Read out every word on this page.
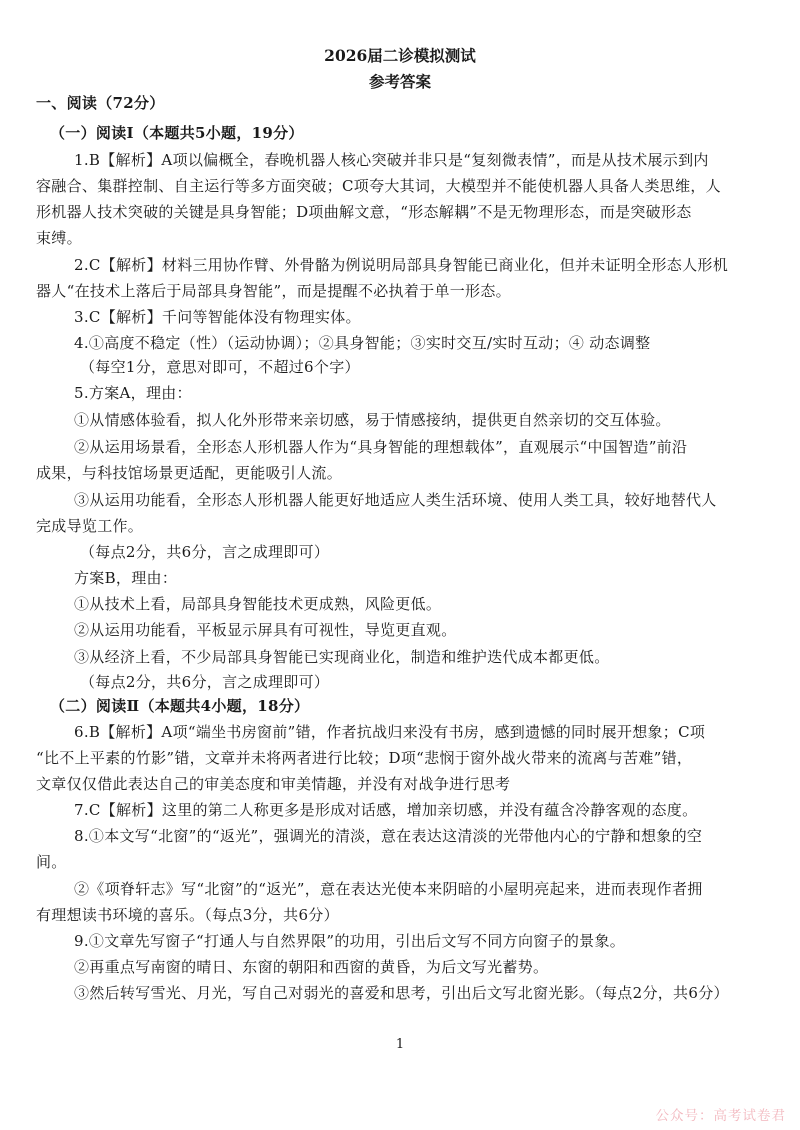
2026届二诊模拟测试
参考答案
一、阅读（72分）
（一）阅读Ⅰ（本题共5小题，19分）
1.B【解析】A项以偏概全，春晚机器人核心突破并非只是“复刻微表情”，而是从技术展示到内
容融合、集群控制、自主运行等多方面突破；C项夸大其词，大模型并不能使机器人具备人类思维，人
形机器人技术突破的关键是具身智能；D项曲解文意，“形态解耦”不是无物理形态，而是突破形态
束缚。
2.C【解析】材料三用协作臂、外骨骼为例说明局部具身智能已商业化，但并未证明全形态人形机
器人“在技术上落后于局部具身智能”，而是提醒不必执着于单一形态。
3.C【解析】千问等智能体没有物理实体。
4.①高度不稳定（性）（运动协调）；②具身智能；③实时交互/实时互动；④ 动态调整
（每空1分，意思对即可，不超过6个字）
5.方案A，理由：
①从情感体验看，拟人化外形带来亲切感，易于情感接纳，提供更自然亲切的交互体验。
②从运用场景看，全形态人形机器人作为“具身智能的理想载体”，直观展示“中国智造”前沿
成果，与科技馆场景更适配，更能吸引人流。
③从运用功能看，全形态人形机器人能更好地适应人类生活环境、使用人类工具，较好地替代人
完成导览工作。
（每点2分，共6分，言之成理即可）
方案B，理由：
①从技术上看，局部具身智能技术更成熟，风险更低。
②从运用功能看，平板显示屏具有可视性，导览更直观。
③从经济上看，不少局部具身智能已实现商业化，制造和维护迭代成本都更低。
（每点2分，共6分，言之成理即可）
（二）阅读Ⅱ（本题共4小题，18分）
6.B【解析】A项“端坐书房窗前”错，作者抗战归来没有书房，感到遗憾的同时展开想象；C项
“比不上平素的竹影”错，文章并未将两者进行比较；D项“悲悯于窗外战火带来的流离与苦难”错，
文章仅仅借此表达自己的审美态度和审美情趣，并没有对战争进行思考
7.C【解析】这里的第二人称更多是形成对话感，增加亲切感，并没有蕴含冷静客观的态度。
8.①本文写“北窗”的“返光”，强调光的清淡，意在表达这清淡的光带他内心的宁静和想象的空
间。
②《项脊轩志》写“北窗”的“返光”，意在表达光使本来阴暗的小屋明亮起来，进而表现作者拥
有理想读书环境的喜乐。（每点3分，共6分）
9.①文章先写窗子“打通人与自然界限”的功用，引出后文写不同方向窗子的景象。
②再重点写南窗的晴日、东窗的朝阳和西窗的黄昏，为后文写光蓄势。
③然后转写雪光、月光，写自己对弱光的喜爱和思考，引出后文写北窗光影。（每点2分，共6分）
1
公众号：高考试卷君
